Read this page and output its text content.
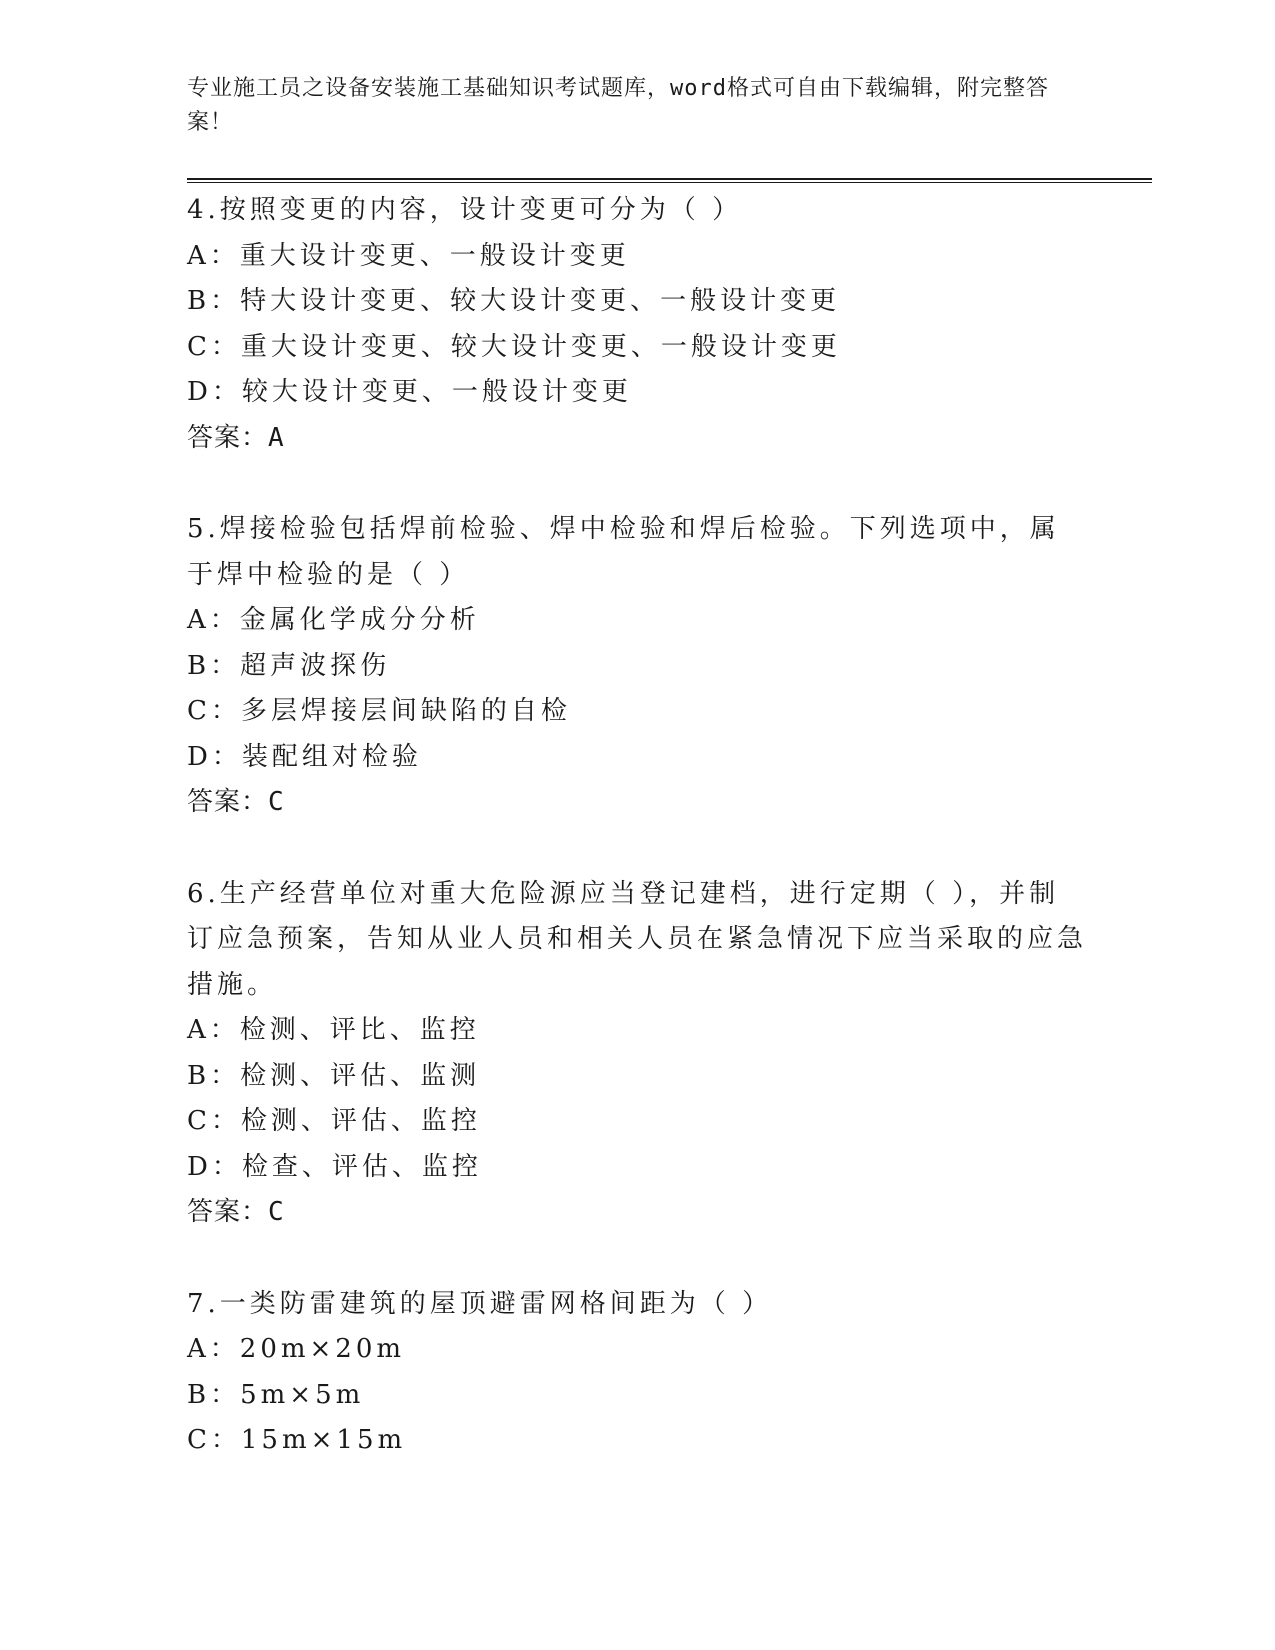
专业施工员之设备安装施工基础知识考试题库，word格式可自由下载编辑，附完整答案！
4.按照变更的内容，设计变更可分为（ ）
A：重大设计变更、一般设计变更
B：特大设计变更、较大设计变更、一般设计变更
C：重大设计变更、较大设计变更、一般设计变更
D：较大设计变更、一般设计变更
答案：A
5.焊接检验包括焊前检验、焊中检验和焊后检验。下列选项中，属于焊中检验的是（ ）
A：金属化学成分分析
B：超声波探伤
C：多层焊接层间缺陷的自检
D：装配组对检验
答案：C
6.生产经营单位对重大危险源应当登记建档，进行定期（ ），并制订应急预案，告知从业人员和相关人员在紧急情况下应当采取的应急措施。
A：检测、评比、监控
B：检测、评估、监测
C：检测、评估、监控
D：检查、评估、监控
答案：C
7.一类防雷建筑的屋顶避雷网格间距为（ ）
A：20m×20m
B：5m×5m
C：15m×15m
